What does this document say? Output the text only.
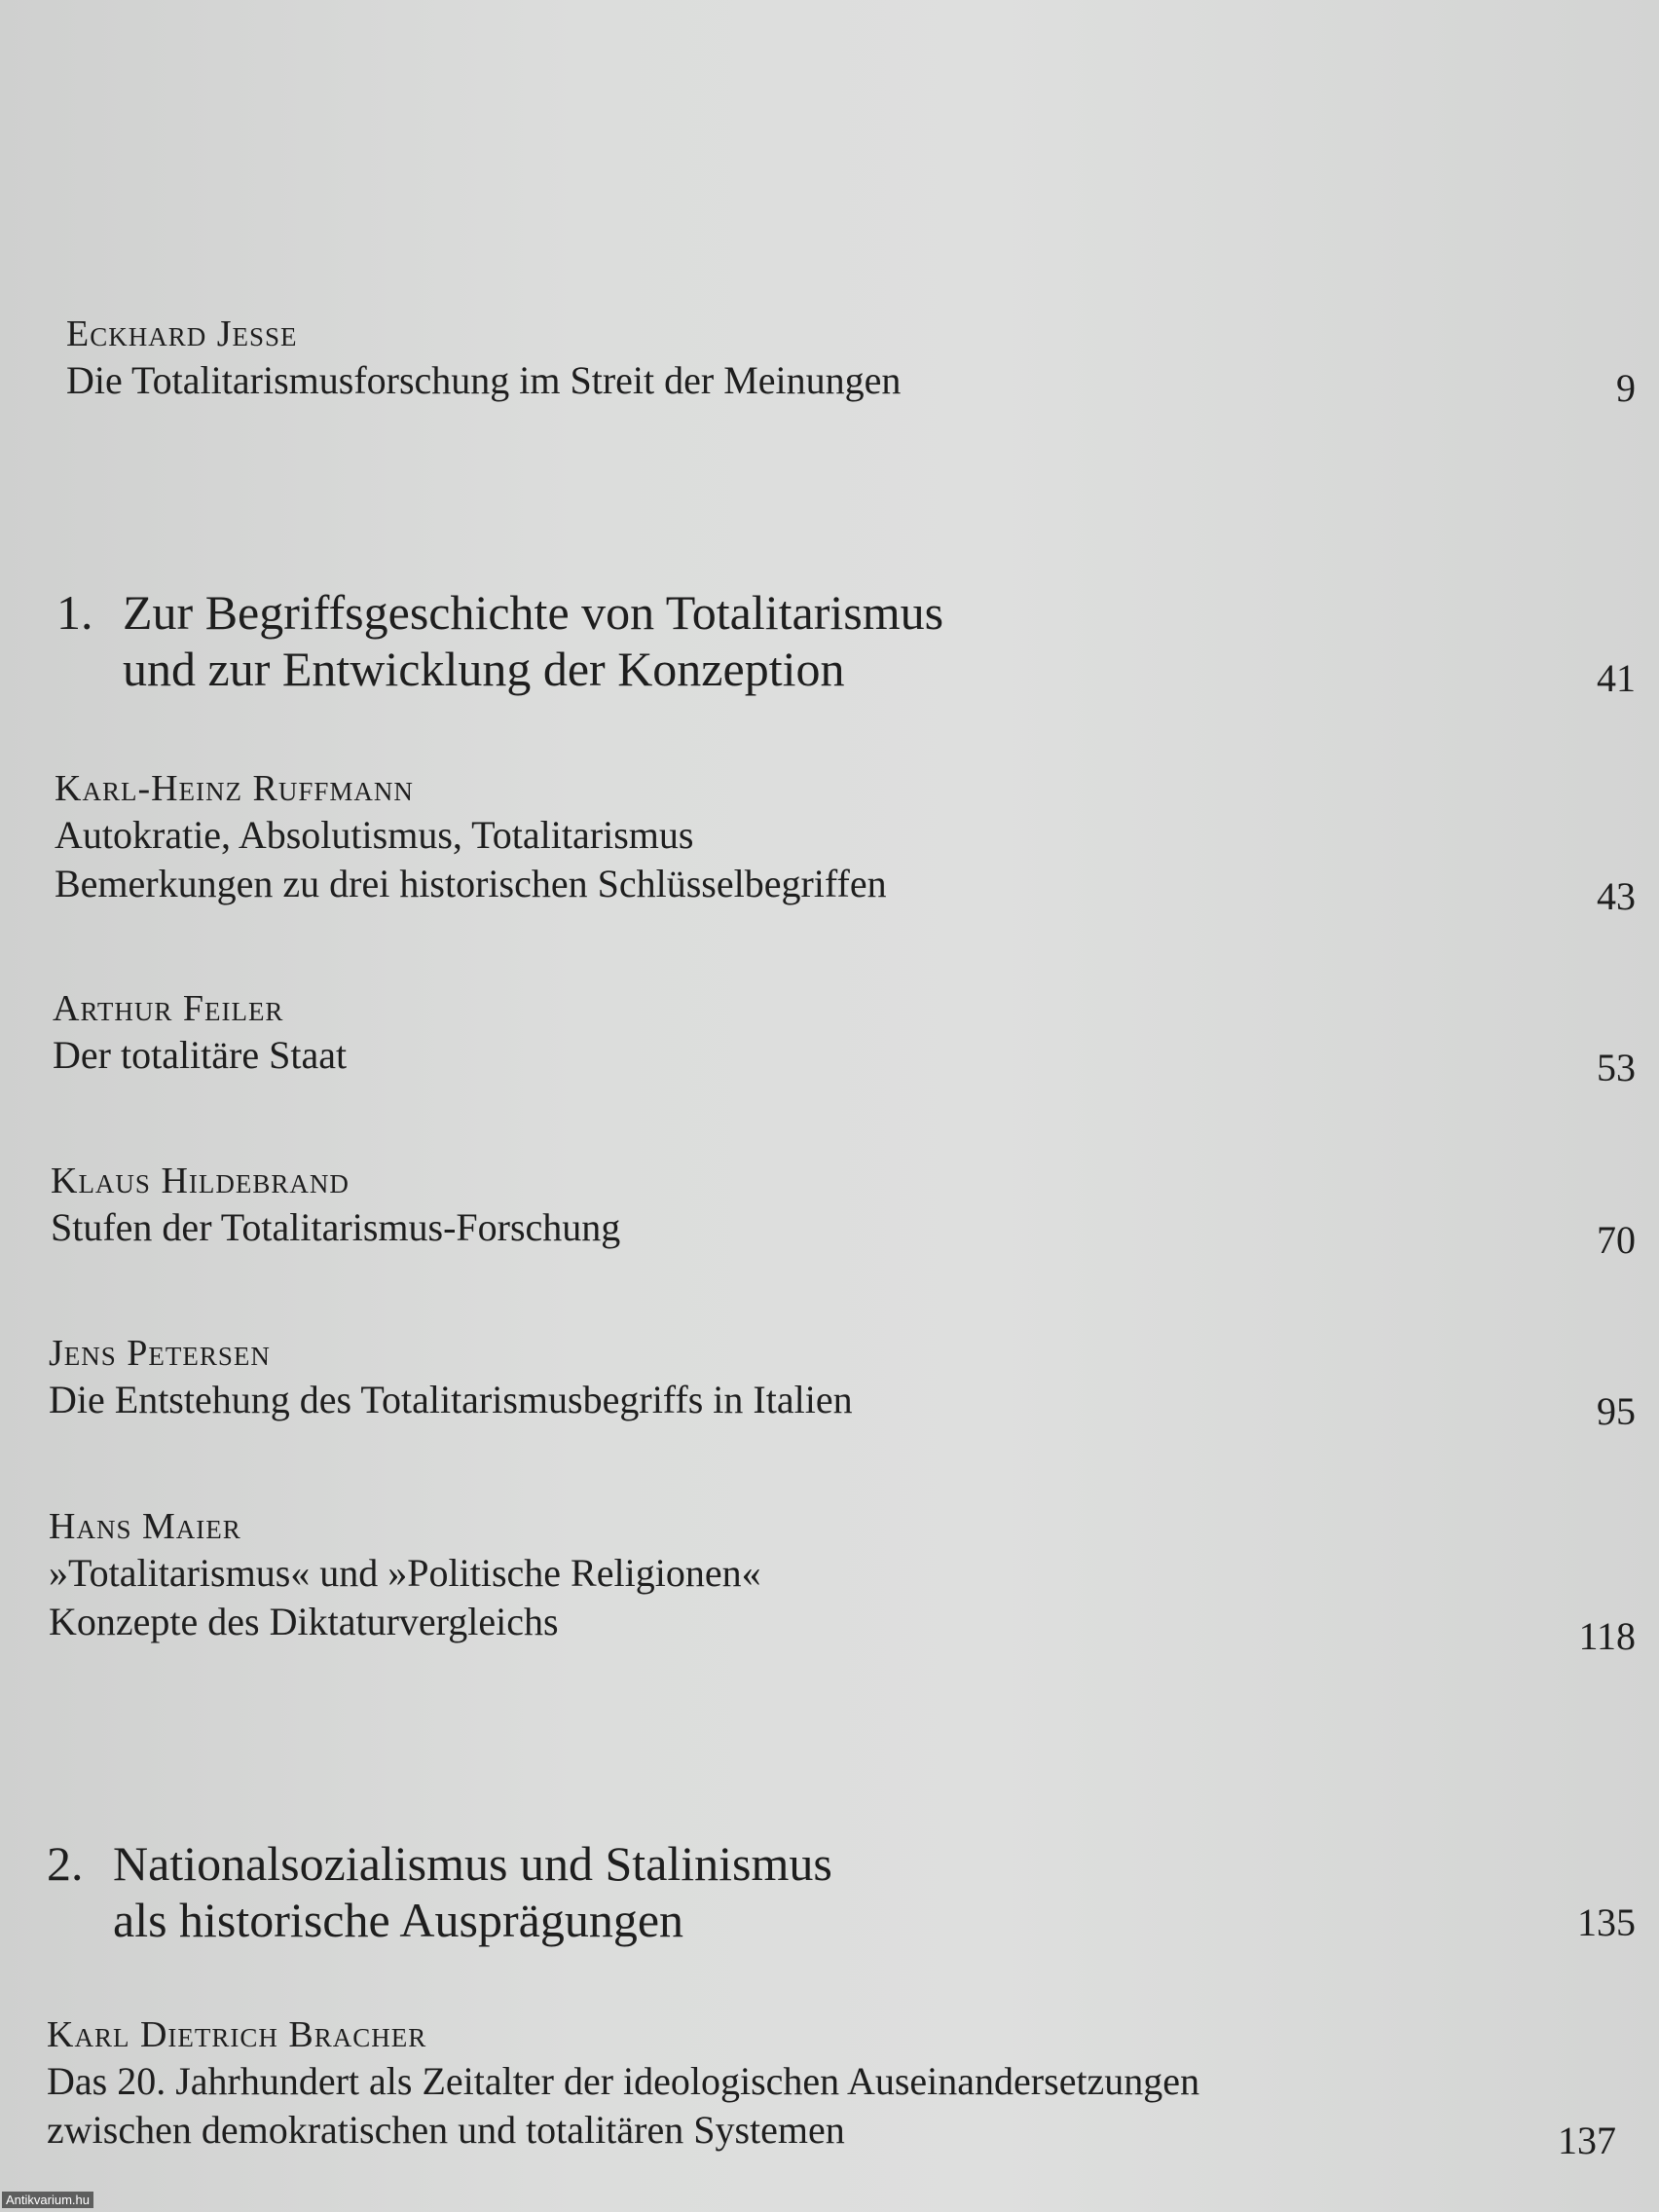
Eckhard Jesse
Die Totalitarismusforschung im Streit der Meinungen	9
1. Zur Begriffsgeschichte von Totalitarismus
und zur Entwicklung der Konzeption	41
Karl-Heinz Ruffmann
Autokratie, Absolutismus, Totalitarismus
Bemerkungen zu drei historischen Schlüsselbegriffen	43
Arthur Feiler
Der totalitäre Staat	53
Klaus Hildebrand
Stufen der Totalitarismus-Forschung	70
Jens Petersen
Die Entstehung des Totalitarismusbegriffs in Italien	95
Hans Maier
»Totalitarismus« und »Politische Religionen«
Konzepte des Diktaturvergleichs	118
2. Nationalsozialismus und Stalinismus
als historische Ausprägungen	135
Karl Dietrich Bracher
Das 20. Jahrhundert als Zeitalter der ideologischen Auseinandersetzungen
zwischen demokratischen und totalitären Systemen	137
Antikvarium.hu
